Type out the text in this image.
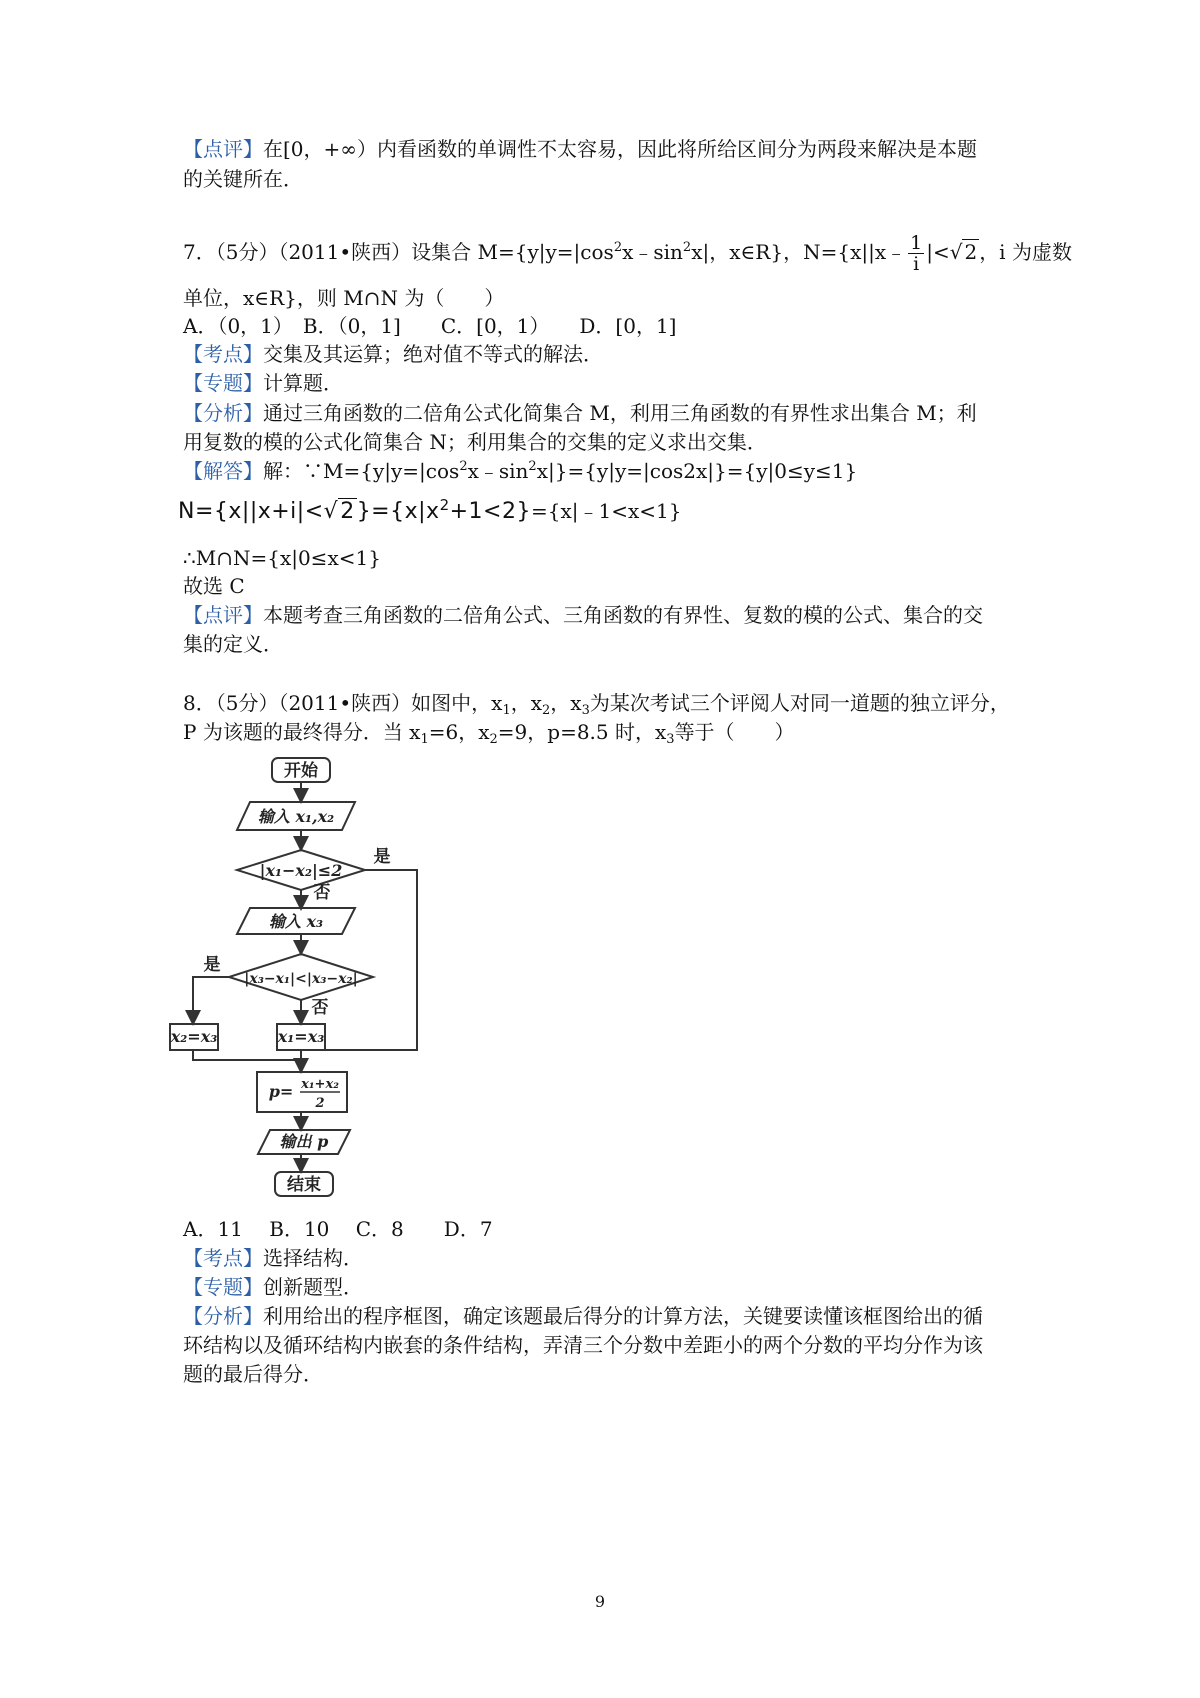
【点评】在[0，+∞）内看函数的单调性不太容易，因此将所给区间分为两段来解决是本题
的关键所在．
7．（5分）（2011•陕西）设集合 $M=\{y|y=|\cos^2x﹣\sin^2x|$，x∈R}，N={x||x﹣ $\frac{1}{i}$ |<√ 2 ，i 为虚数
单位，x∈R}，则 M∩N 为（　　）
A．（0，1）　B．（0，1]　　C．[0，1）　　D．[0，1]
【考点】交集及其运算；绝对值不等式的解法．
【专题】计算题．
【分析】通过三角函数的二倍角公式化简集合 M，利用三角函数的有界性求出集合 M；利
用复数的模的公式化简集合 N；利用集合的交集的定义求出交集．
【解答】解：$\because M=\{y|y=|\cos^2x﹣\sin^2x|\}=\{y|y=|\cos 2x|\}=\{y|0\le y\le 1\}$
$N=\{x||x+i|<√2\}=\{x|x^2+1<2\}=\{x|﹣1<x<1\}$
∴M∩N={x|0≤x<1}
故选 C
【点评】本题考查三角函数的二倍角公式、三角函数的有界性、复数的模的公式、集合的交
集的定义．
8．（5分）（2011•陕西）如图中，$x_1$，$x_2$，$x_3$为某次考试三个评阅人对同一道题的独立评分，
P 为该题的最终得分．当 $x_1=6$，$x_2=9$，p=8.5 时，$x_3$等于（　　）
开始
输入 x₁,x₂
|x₁−x₂|≤2
是
否
输入 x₃
|x₃−x₁|<|x₃−x₂|
是
否
x₂=x₃	x₁=x₃
p= x₁+x₂
2
输出 p
结束
A．11　 B．10　 C．8　　D．7
【考点】选择结构．
【专题】创新题型．
【分析】利用给出的程序框图，确定该题最后得分的计算方法，关键要读懂该框图给出的循
环结构以及循环结构内嵌套的条件结构，弄清三个分数中差距小的两个分数的平均分作为该
题的最后得分．
9
